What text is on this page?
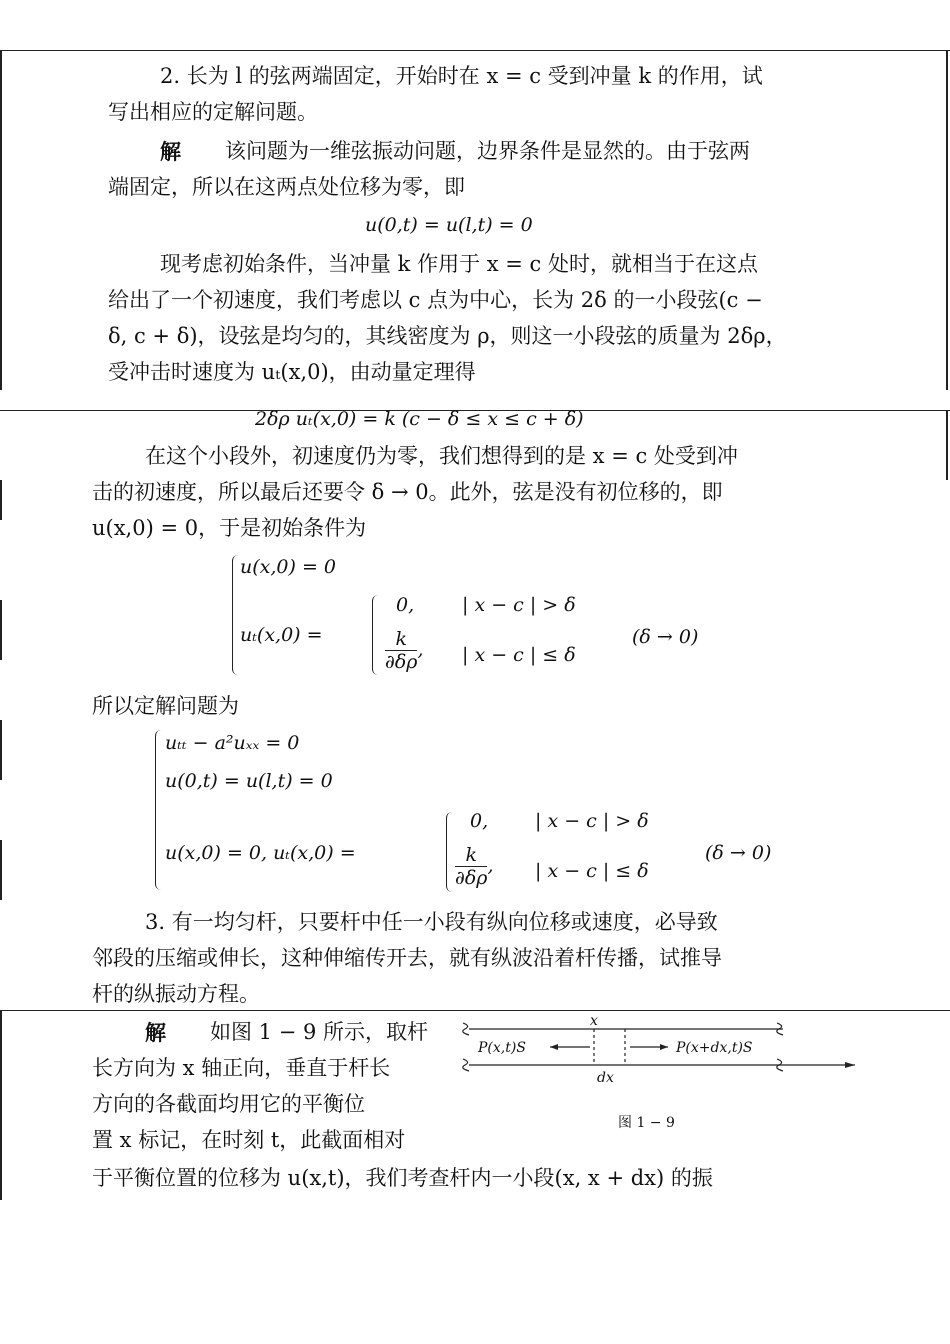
2. 长为 l 的弦两端固定，开始时在 x = c 受到冲量 k 的作用，试
写出相应的定解问题。
解 该问题为一维弦振动问题，边界条件是显然的。由于弦两
端固定，所以在这两点处位移为零，即
u(0,t) = u(l,t) = 0
现考虑初始条件，当冲量 k 作用于 x = c 处时，就相当于在这点
给出了一个初速度，我们考虑以 c 点为中心，长为 2δ 的一小段弦(c −
δ, c + δ)，设弦是均匀的，其线密度为 ρ，则这一小段弦的质量为 2δρ，
受冲击时速度为 uₜ(x,0)，由动量定理得
2δρ uₜ(x,0) = k (c − δ ≤ x ≤ c + δ)
在这个小段外，初速度仍为零，我们想得到的是 x = c 处受到冲
击的初速度，所以最后还要令 δ → 0。此外，弦是没有初位移的，即
u(x,0) = 0，于是初始条件为
u(x,0) = 0
uₜ(x,0) =
0,	| x − c | > δ
$\frac{k}{\partial\delta\rho}$ , | x − c | ≤ δ
(δ → 0)
所以定解问题为
uₜₜ − a²uₓₓ = 0
u(0,t) = u(l,t) = 0
u(x,0) = 0, uₜ(x,0) =
0, | x − c | > δ
$\frac{k}{\partial\delta\rho}$ , | x − c | ≤ δ
(δ → 0)
3. 有一均匀杆，只要杆中任一小段有纵向位移或速度，必导致
邻段的压缩或伸长，这种伸缩传开去，就有纵波沿着杆传播，试推导
杆的纵振动方程。
解 如图 1 − 9 所示，取杆
长方向为 x 轴正向，垂直于杆长
方向的各截面均用它的平衡位
置 x 标记，在时刻 t，此截面相对
于平衡位置的位移为 u(x,t)，我们考查杆内一小段(x, x + dx) 的振
x
P(x,t)S	P(x+dx,t)S
dx
图 1 − 9
